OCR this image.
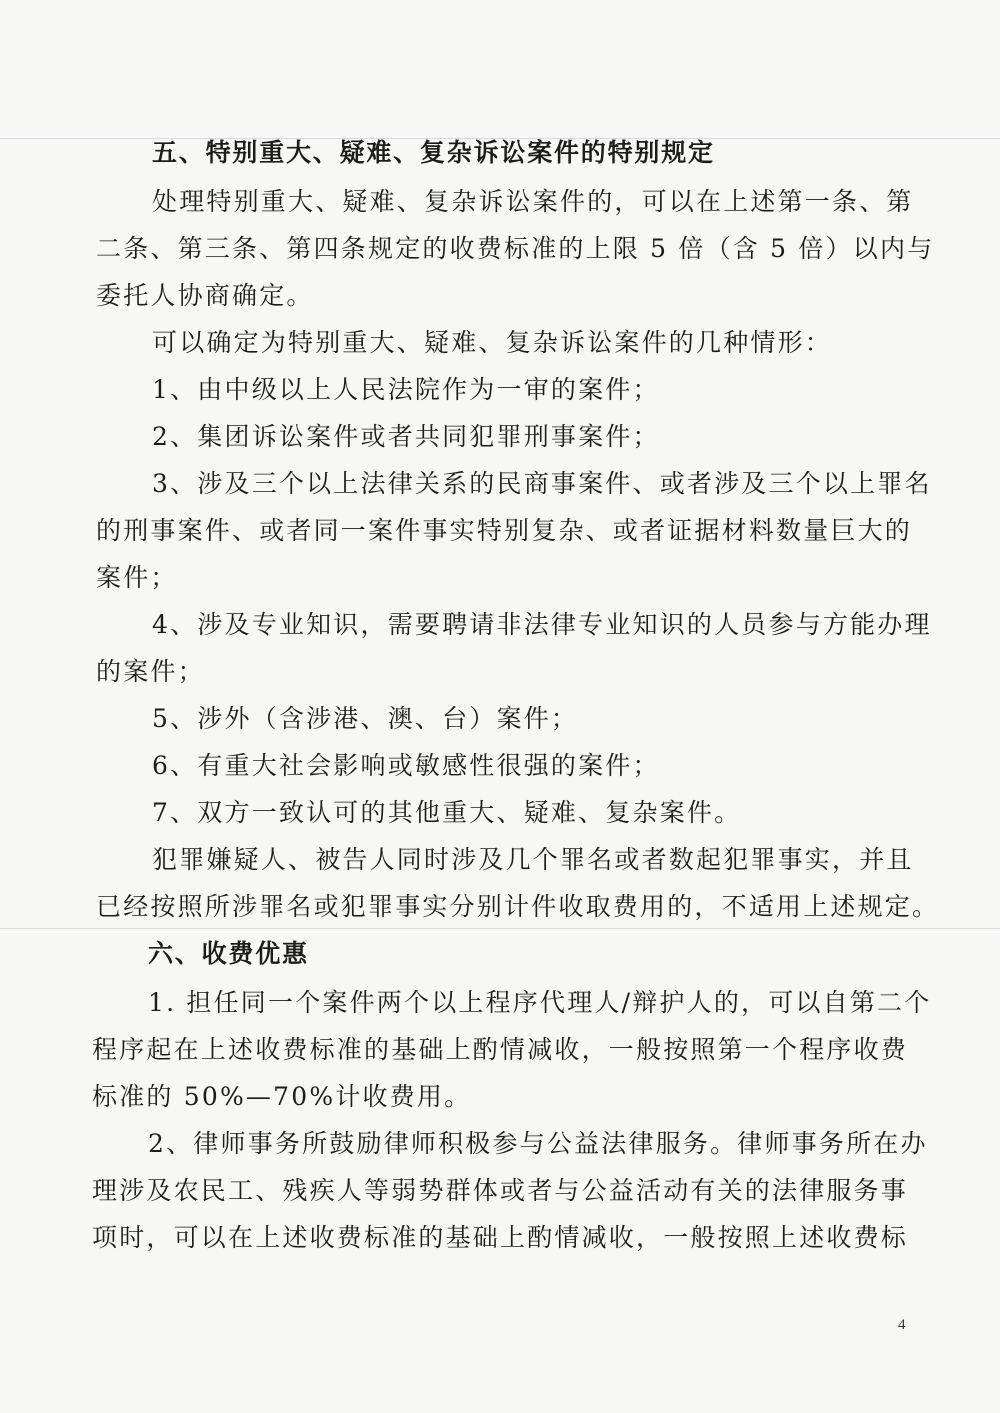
五、特别重大、疑难、复杂诉讼案件的特别规定
处理特别重大、疑难、复杂诉讼案件的，可以在上述第一条、第
二条、第三条、第四条规定的收费标准的上限 5 倍（含 5 倍）以内与
委托人协商确定。
可以确定为特别重大、疑难、复杂诉讼案件的几种情形：
1、由中级以上人民法院作为一审的案件；
2、集团诉讼案件或者共同犯罪刑事案件；
3、涉及三个以上法律关系的民商事案件、或者涉及三个以上罪名
的刑事案件、或者同一案件事实特别复杂、或者证据材料数量巨大的
案件；
4、涉及专业知识，需要聘请非法律专业知识的人员参与方能办理
的案件；
5、涉外（含涉港、澳、台）案件；
6、有重大社会影响或敏感性很强的案件；
7、双方一致认可的其他重大、疑难、复杂案件。
犯罪嫌疑人、被告人同时涉及几个罪名或者数起犯罪事实，并且
已经按照所涉罪名或犯罪事实分别计件收取费用的，不适用上述规定。
六、收费优惠
1. 担任同一个案件两个以上程序代理人/辩护人的，可以自第二个
程序起在上述收费标准的基础上酌情减收，一般按照第一个程序收费
标准的 50%—70%计收费用。
2、律师事务所鼓励律师积极参与公益法律服务。律师事务所在办
理涉及农民工、残疾人等弱势群体或者与公益活动有关的法律服务事
项时，可以在上述收费标准的基础上酌情减收，一般按照上述收费标
4
